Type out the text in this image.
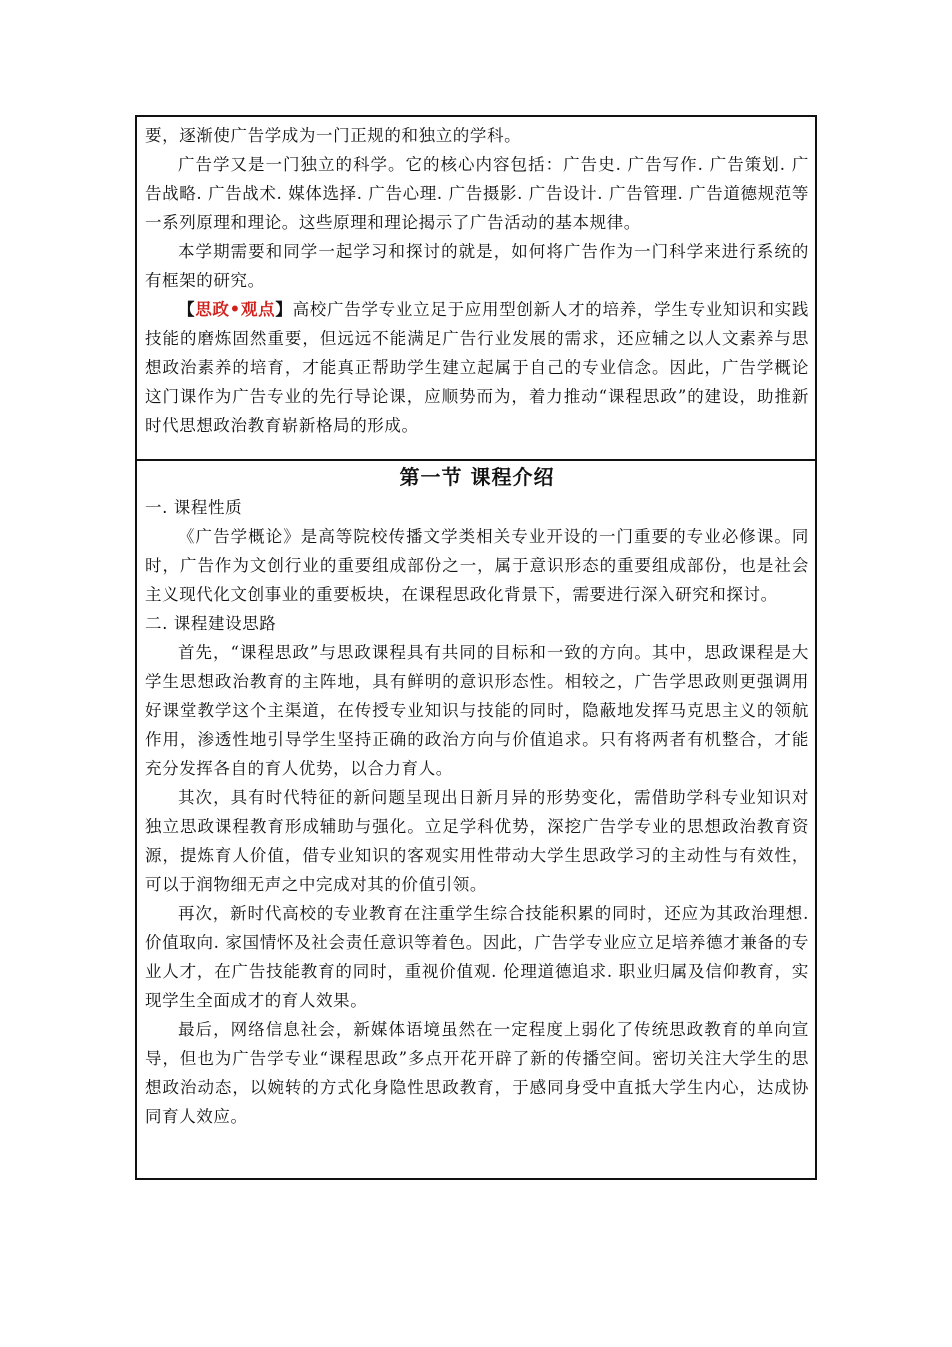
要，逐渐使广告学成为一门正规的和独立的学科。

广告学又是一门独立的科学。它的核心内容包括：广告史. 广告写作. 广告策划. 广告战略. 广告战术. 媒体选择. 广告心理. 广告摄影. 广告设计. 广告管理. 广告道德规范等一系列原理和理论。这些原理和理论揭示了广告活动的基本规律。

本学期需要和同学一起学习和探讨的就是，如何将广告作为一门科学来进行系统的有框架的研究。

【思政•观点】高校广告学专业立足于应用型创新人才的培养，学生专业知识和实践技能的磨炼固然重要，但远远不能满足广告行业发展的需求，还应辅之以人文素养与思想政治素养的培育，才能真正帮助学生建立起属于自己的专业信念。因此，广告学概论这门课作为广告专业的先行导论课，应顺势而为，着力推动“课程思政”的建设，助推新时代思想政治教育崭新格局的形成。

第一节 课程介绍
一. 课程性质

《广告学概论》是高等院校传播文学类相关专业开设的一门重要的专业必修课。同时，广告作为文创行业的重要组成部份之一，属于意识形态的重要组成部份，也是社会主义现代化文创事业的重要板块，在课程思政化背景下，需要进行深入研究和探讨。

二. 课程建设思路

首先，“课程思政”与思政课程具有共同的目标和一致的方向。其中，思政课程是大学生思想政治教育的主阵地，具有鲜明的意识形态性。相较之，广告学思政则更强调用好课堂教学这个主渠道，在传授专业知识与技能的同时，隐蔽地发挥马克思主义的领航作用，渗透性地引导学生坚持正确的政治方向与价值追求。只有将两者有机整合，才能充分发挥各自的育人优势，以合力育人。

其次，具有时代特征的新问题呈现出日新月异的形势变化，需借助学科专业知识对独立思政课程教育形成辅助与强化。立足学科优势，深挖广告学专业的思想政治教育资源，提炼育人价值，借专业知识的客观实用性带动大学生思政学习的主动性与有效性，可以于润物细无声之中完成对其的价值引领。

再次，新时代高校的专业教育在注重学生综合技能积累的同时，还应为其政治理想. 价值取向. 家国情怀及社会责任意识等着色。因此，广告学专业应立足培养德才兼备的专业人才，在广告技能教育的同时，重视价值观. 伦理道德追求. 职业归属及信仰教育，实现学生全面成才的育人效果。

最后，网络信息社会，新媒体语境虽然在一定程度上弱化了传统思政教育的单向宣导，但也为广告学专业“课程思政”多点开花开辟了新的传播空间。密切关注大学生的思想政治动态，以婉转的方式化身隐性思政教育，于感同身受中直抵大学生内心，达成协同育人效应。
